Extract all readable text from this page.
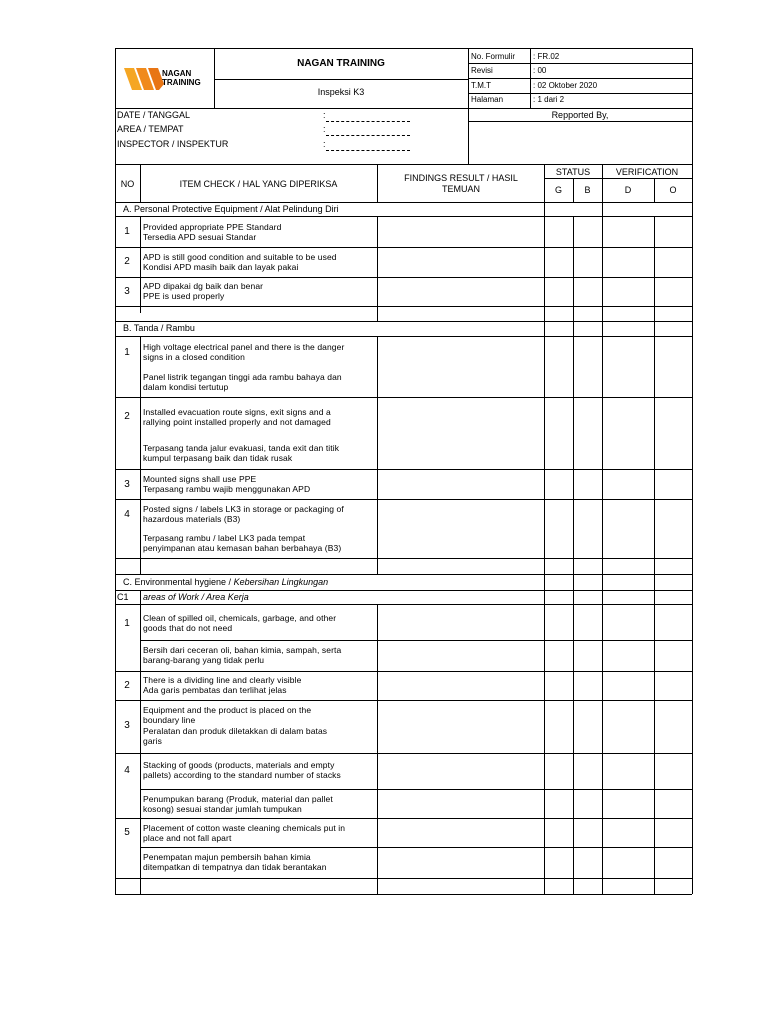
NAGAN
TRAINING
NAGAN TRAINING
Inspeksi K3
No. Formulir : FR.02
Revisi	: 00
T.M.T	: 02 Oktober 2020
Halaman	: 1 dari 2
DATE / TANGGAL	:
AREA / TEMPAT	:
INSPECTOR / INSPEKTUR	:
Repported By,
NO	ITEM CHECK / HAL YANG DIPERIKSA
FINDINGS RESULT / HASIL TEMUAN
STATUS
G	B
VERIFICATION
D	O
A. Personal Protective Equipment / Alat Pelindung Diri
1	Provided appropriate PPE Standard
Tersedia APD sesuai Standar
2	APD is still good condition and suitable to be used
Kondisi APD masih baik dan layak pakai
3	APD dipakai dg baik dan benar
PPE is used properly
B. Tanda / Rambu
1	High voltage electrical panel and there is the danger
signs in a closed condition
Panel listrik tegangan tinggi ada rambu bahaya dan
dalam kondisi tertutup
2	Installed evacuation route signs, exit signs and a
rallying point installed properly and not damaged
Terpasang tanda jalur evakuasi, tanda exit dan titik
kumpul terpasang baik dan tidak rusak
3	Mounted signs shall use PPE
Terpasang rambu wajib menggunakan APD
4	Posted signs / labels LK3 in storage or packaging of
hazardous materials (B3)
Terpasang rambu / label LK3 pada tempat
penyimpanan atau kemasan bahan berbahaya (B3)
C. Environmental hygiene / Kebersihan Lingkungan
C1 areas of Work / Area Kerja
1	Clean of spilled oil, chemicals, garbage, and other
goods that do not need
Bersih dari ceceran oli, bahan kimia, sampah, serta
barang-barang yang tidak perlu
2	There is a dividing line and clearly visible
Ada garis pembatas dan terlihat jelas
3
Equipment and the product is placed on the
boundary line
Peralatan dan produk diletakkan di dalam batas
garis
4	Stacking of goods (products, materials and empty
pallets) according to the standard number of stacks
Penumpukan barang (Produk, material dan pallet
kosong) sesuai standar jumlah tumpukan
5	Placement of cotton waste cleaning chemicals put in
place and not fall apart
Penempatan majun pembersih bahan kimia
ditempatkan di tempatnya dan tidak berantakan
